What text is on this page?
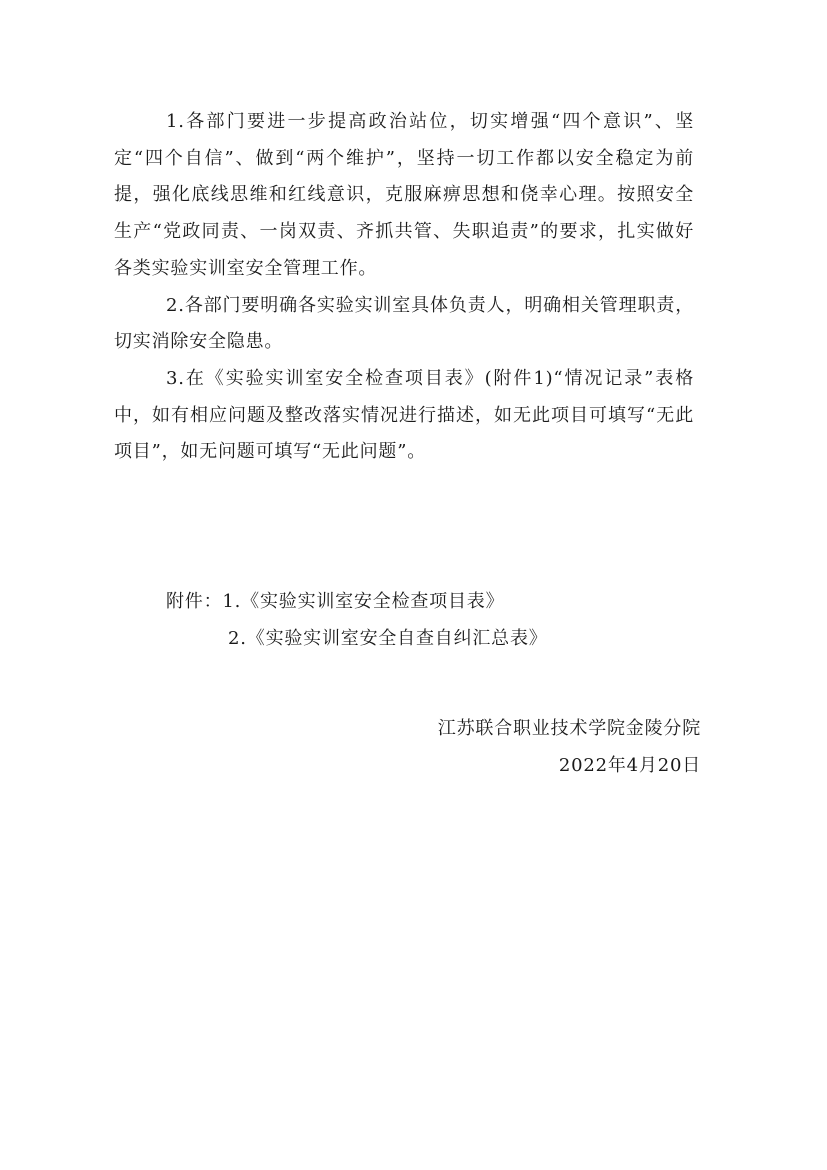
1.各部门要进一步提高政治站位，切实增强“四个意识”、坚定“四个自信”、做到“两个维护”，坚持一切工作都以安全稳定为前提，强化底线思维和红线意识，克服麻痹思想和侥幸心理。按照安全生产“党政同责、一岗双责、齐抓共管、失职追责”的要求，扎实做好各类实验实训室安全管理工作。

2.各部门要明确各实验实训室具体负责人，明确相关管理职责，切实消除安全隐患。

3.在《实验实训室安全检查项目表》(附件1)“情况记录”表格中，如有相应问题及整改落实情况进行描述，如无此项目可填写“无此项目”，如无问题可填写“无此问题”。

附件：1.《实验实训室安全检查项目表》
2.《实验实训室安全自查自纠汇总表》
江苏联合职业技术学院金陵分院
2022年4月20日
